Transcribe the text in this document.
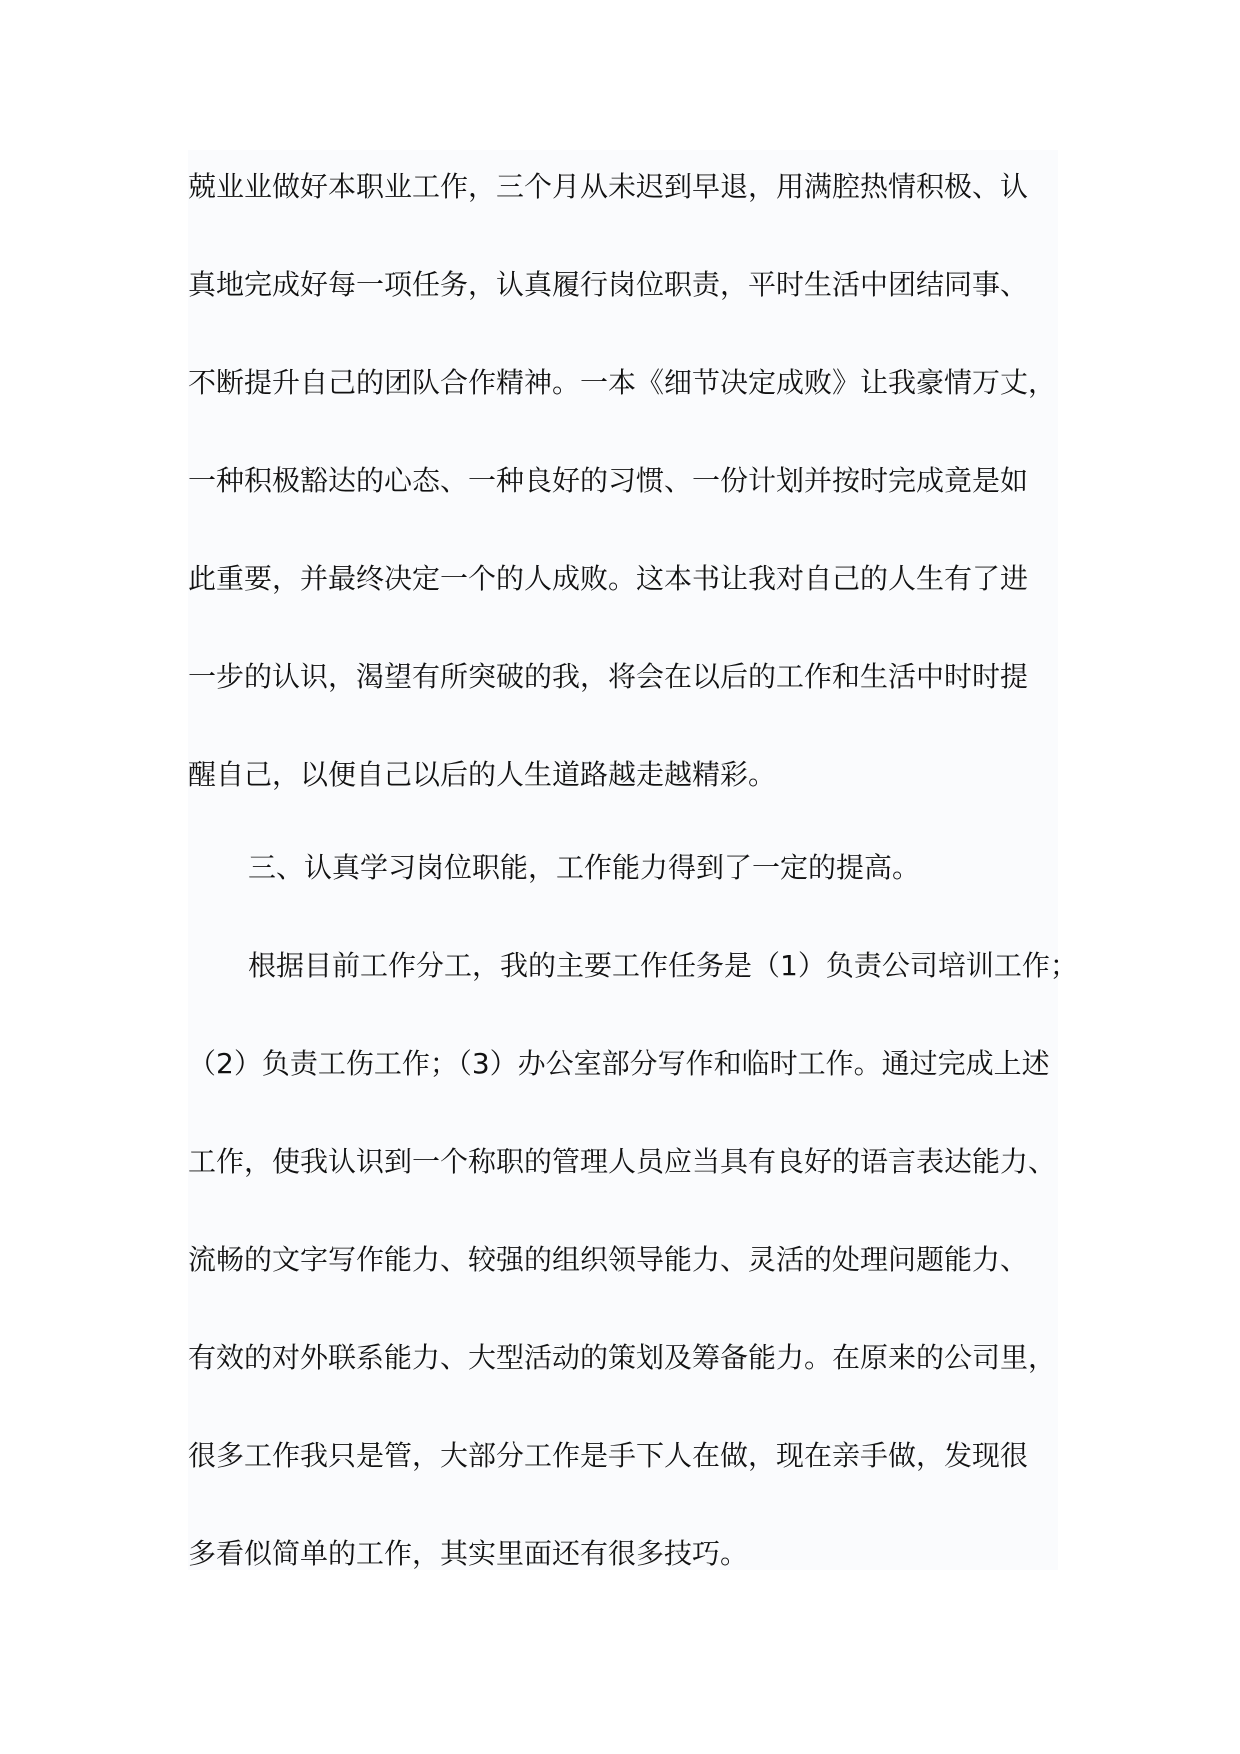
兢业业做好本职业工作，三个月从未迟到早退，用满腔热情积极、认
真地完成好每一项任务，认真履行岗位职责，平时生活中团结同事、
不断提升自己的团队合作精神。一本《细节决定成败》让我豪情万丈，
一种积极豁达的心态、一种良好的习惯、一份计划并按时完成竟是如
此重要，并最终决定一个的人成败。这本书让我对自己的人生有了进
一步的认识，渴望有所突破的我，将会在以后的工作和生活中时时提
醒自己，以便自己以后的人生道路越走越精彩。
三、认真学习岗位职能，工作能力得到了一定的提高。
根据目前工作分工，我的主要工作任务是（1）负责公司培训工作；
（2）负责工伤工作；（3）办公室部分写作和临时工作。通过完成上述
工作，使我认识到一个称职的管理人员应当具有良好的语言表达能力、
流畅的文字写作能力、较强的组织领导能力、灵活的处理问题能力、
有效的对外联系能力、大型活动的策划及筹备能力。在原来的公司里，
很多工作我只是管，大部分工作是手下人在做，现在亲手做，发现很
多看似简单的工作，其实里面还有很多技巧。
